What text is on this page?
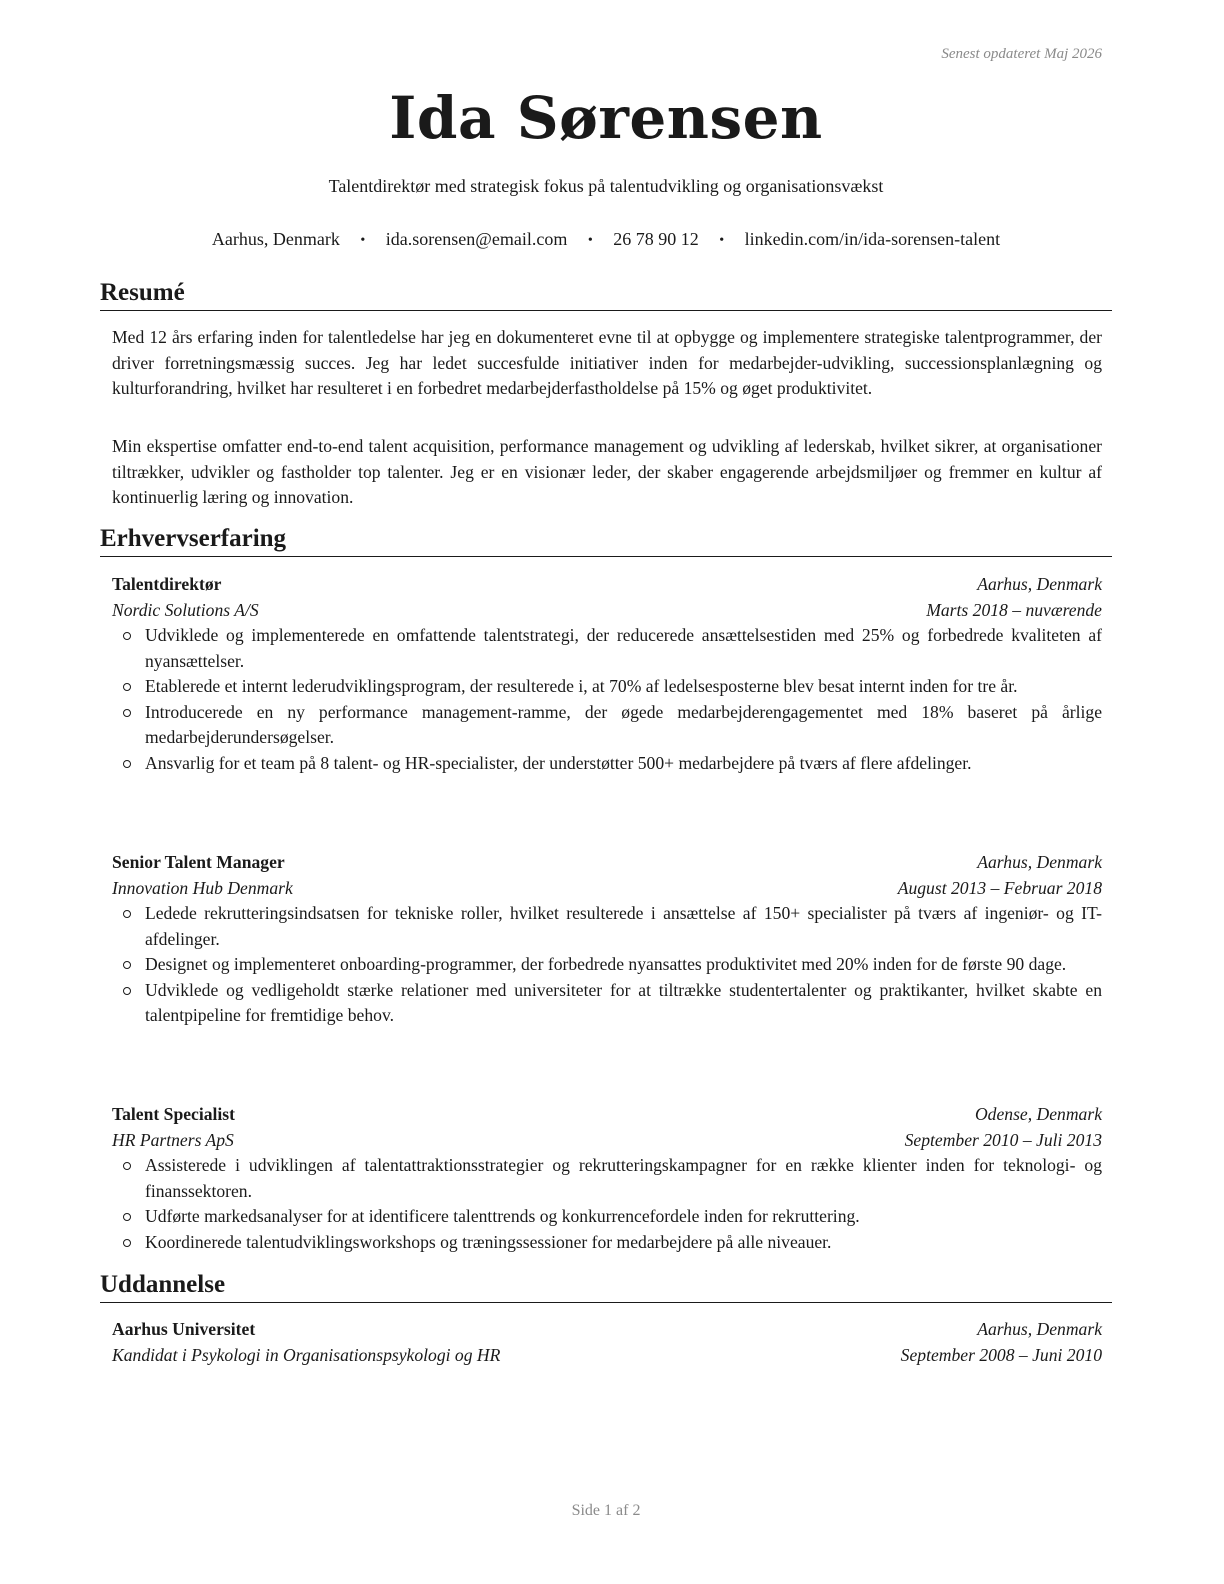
Senest opdateret Maj 2026
Ida Sørensen
Talentdirektør med strategisk fokus på talentudvikling og organisationsvækst
Aarhus, Denmark • ida.sorensen@email.com • 26 78 90 12 • linkedin.com/in/ida-sorensen-talent
Resumé
Med 12 års erfaring inden for talentledelse har jeg en dokumenteret evne til at opbygge og implementere strategiske talentprogrammer, der driver forretningsmæssig succes. Jeg har ledet succesfulde initiativer inden for medarbejder-udvikling, successionsplanlægning og kulturforandring, hvilket har resulteret i en forbedret medarbejderfastholdelse på 15% og øget produktivitet.
Min ekspertise omfatter end-to-end talent acquisition, performance management og udvikling af lederskab, hvilket sikrer, at organisationer tiltrækker, udvikler og fastholder top talenter. Jeg er en visionær leder, der skaber engagerende arbejdsmiljøer og fremmer en kultur af kontinuerlig læring og innovation.
Erhvervserfaring
Talentdirektør	Aarhus, Denmark
Nordic Solutions A/S	Marts 2018 – nuværende
Udviklede og implementerede en omfattende talentstrategi, der reducerede ansættelsestiden med 25% og forbedrede kvaliteten af nyansættelser.
Etablerede et internt lederudviklingsprogram, der resulterede i, at 70% af ledelsesposterne blev besat internt inden for tre år.
Introducerede en ny performance management-ramme, der øgede medarbejderengagementet med 18% baseret på årlige medarbejderundersøgelser.
Ansvarlig for et team på 8 talent- og HR-specialister, der understøtter 500+ medarbejdere på tværs af flere afdelinger.
Senior Talent Manager	Aarhus, Denmark
Innovation Hub Denmark	August 2013 – Februar 2018
Ledede rekrutteringsindsatsen for tekniske roller, hvilket resulterede i ansættelse af 150+ specialister på tværs af ingeniør- og IT-afdelinger.
Designet og implementeret onboarding-programmer, der forbedrede nyansattes produktivitet med 20% inden for de første 90 dage.
Udviklede og vedligeholdt stærke relationer med universiteter for at tiltrække studentertalenter og praktikanter, hvilket skabte en talentpipeline for fremtidige behov.
Talent Specialist	Odense, Denmark
HR Partners ApS	September 2010 – Juli 2013
Assisterede i udviklingen af talentattraktionsstrategier og rekrutteringskampagner for en række klienter inden for teknologi- og finanssektoren.
Udførte markedsanalyser for at identificere talenttrends og konkurrencefordele inden for rekruttering.
Koordinerede talentudviklingsworkshops og træningssessioner for medarbejdere på alle niveauer.
Uddannelse
Aarhus Universitet	Aarhus, Denmark
Kandidat i Psykologi in Organisationspsykologi og HR	September 2008 – Juni 2010
Side 1 af 2
